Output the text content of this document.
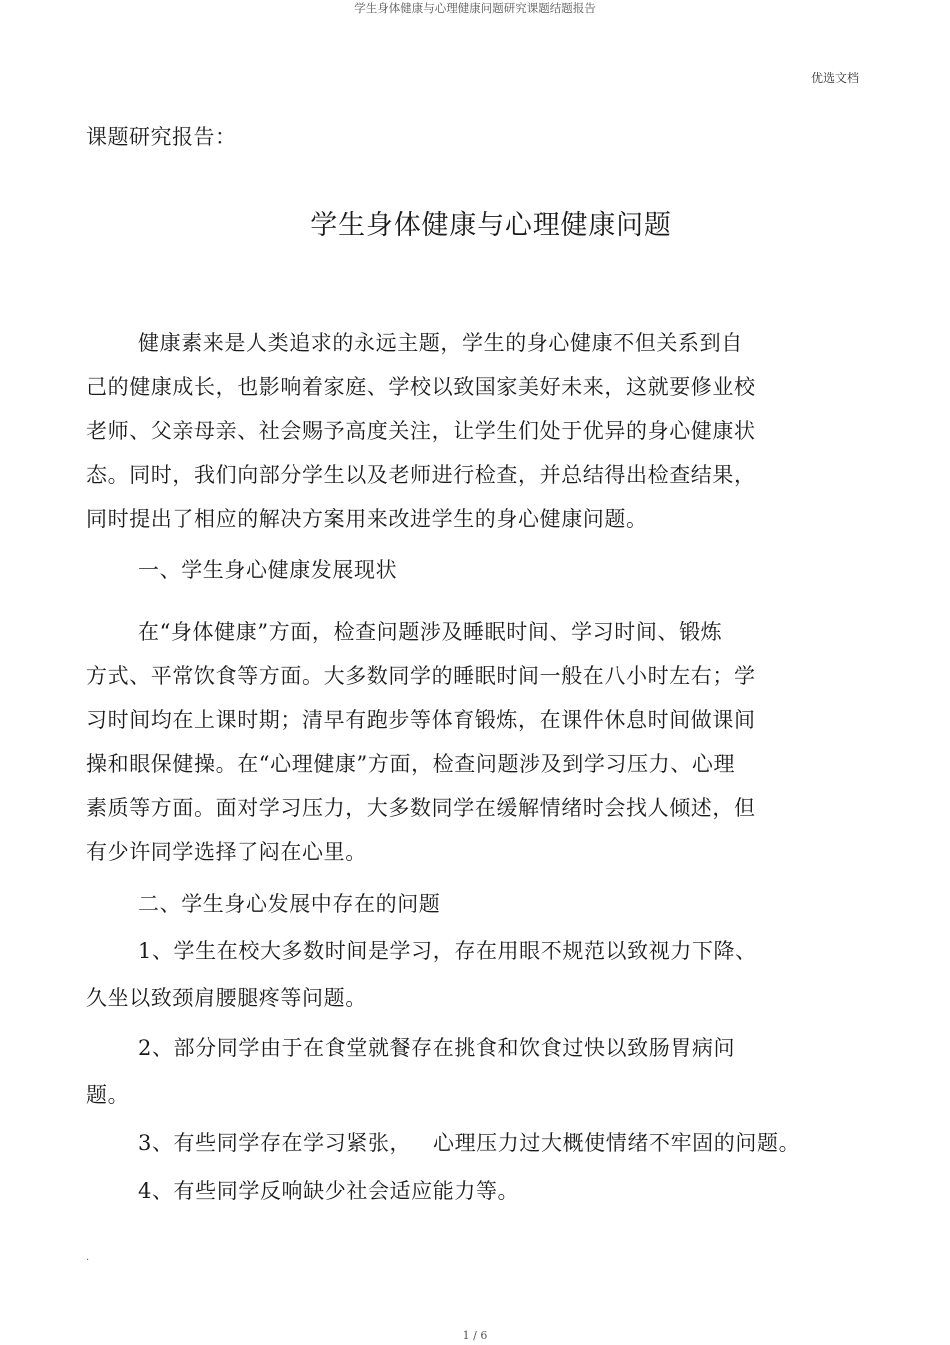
学生身体健康与心理健康问题研究课题结题报告
优选文档
课题研究报告：
学生身体健康与心理健康问题
健康素来是人类追求的永远主题，学生的身心健康不但关系到自
己的健康成长，也影响着家庭、学校以致国家美好未来，这就要修业校
老师、父亲母亲、社会赐予高度关注，让学生们处于优异的身心健康状
态。同时，我们向部分学生以及老师进行检查，并总结得出检查结果，
同时提出了相应的解决方案用来改进学生的身心健康问题。
一、学生身心健康发展现状
在“身体健康”方面，检查问题涉及睡眠时间、学习时间、锻炼
方式、平常饮食等方面。大多数同学的睡眠时间一般在八小时左右；学
习时间均在上课时期；清早有跑步等体育锻炼，在课件休息时间做课间
操和眼保健操。在“心理健康”方面，检查问题涉及到学习压力、心理
素质等方面。面对学习压力，大多数同学在缓解情绪时会找人倾述，但
有少许同学选择了闷在心里。
二、学生身心发展中存在的问题
1、学生在校大多数时间是学习，存在用眼不规范以致视力下降、
久坐以致颈肩腰腿疼等问题。
2、部分同学由于在食堂就餐存在挑食和饮食过快以致肠胃病问
题。
3、有些同学存在学习紧张，   心理压力过大概使情绪不牢固的问题。
4、有些同学反响缺少社会适应能力等。
.
1 / 6
